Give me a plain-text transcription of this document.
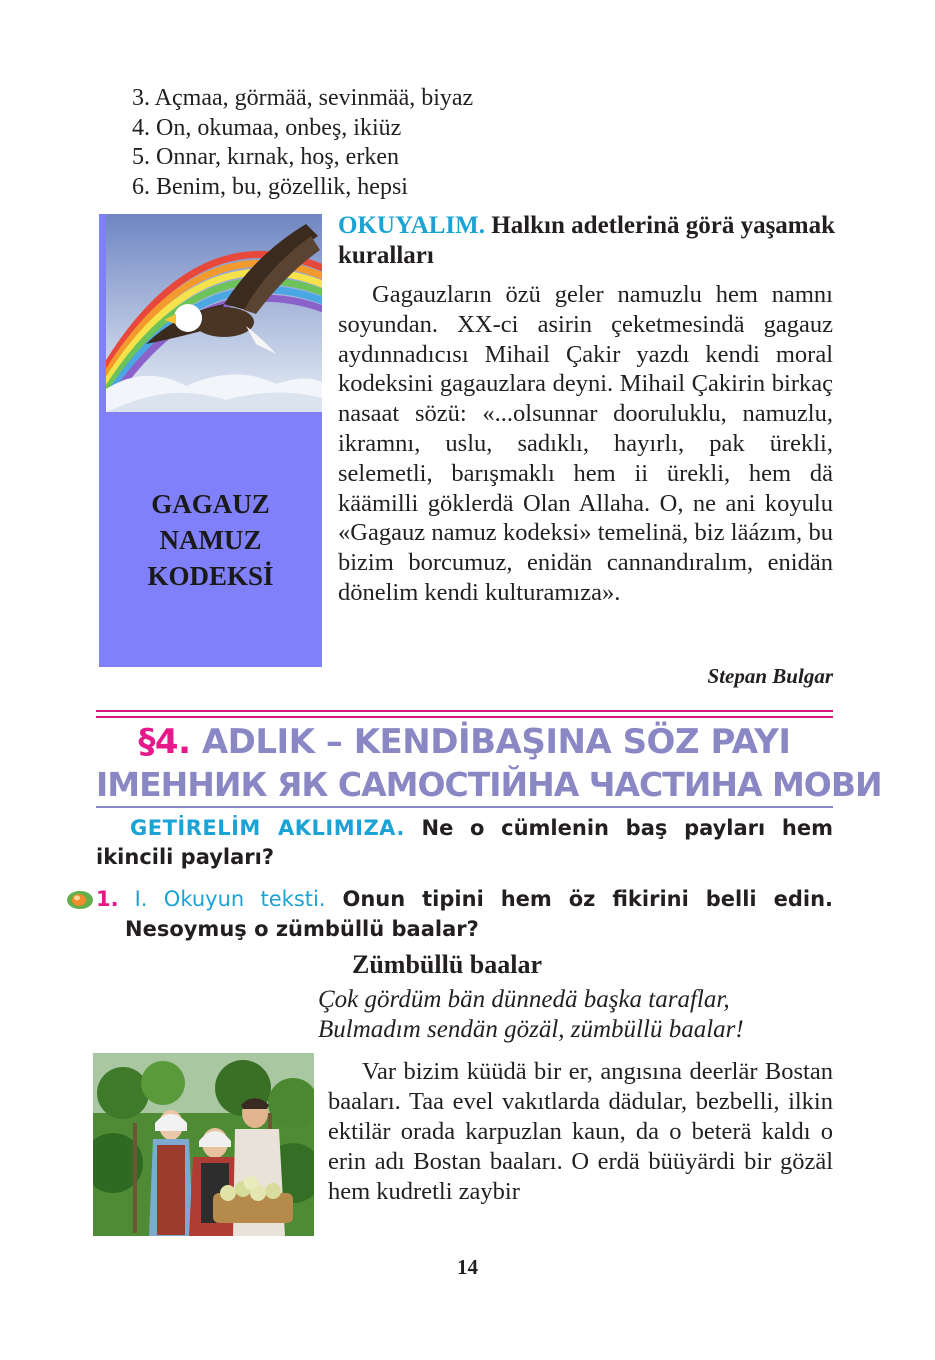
3. Açmaa, görmää, sevinmää, biyaz
4. On, okumaa, onbeş, ikiüz
5. Onnar, kırnak, hoş, erken
6. Benim, bu, gözellik, hepsi
GAGAUZ
NAMUZ
KODEKSİ
OKUYALIM. Halkın adetlerinä görä yaşamak kuralları
Gagauzların özü geler namuzlu hem namnı soyundan. XX-ci asirin çeketmesindä gagauz aydınnadıcısı Mihail Çakir yazdı kendi moral kodeksini gagauzlara deyni. Mihail Çakirin birkaç nasaat sözü: «...olsunnar dooruluklu, namuzlu, ikramnı, uslu, sadıklı, hayırlı, pak ürekli, selemetli, barışmaklı hem ii ürekli, hem dä käämilli göklerdä Olan Allaha. O, ne ani koyulu «Gagauz namuz kodeksi» temelinä, biz läázım, bu bizim borcumuz, enidän cannandıralım, enidän dönelim kendi kulturamıza».
Stepan Bulgar
§4. ADLIK – KENDİBAŞINA SÖZ PAYI
ІМЕННИК ЯК САМОСТІЙНА ЧАСТИНА МОВИ
GETİRELİM AKLIMIZA. Ne o cümlenin baş payları hem ikincili payları?
1. I. Okuyun teksti. Onun tipini hem öz fikirini belli edin.
Nesoymuş o zümbüllü baalar?
Zümbüllü baalar
Çok gördüm bän dünnedä başka taraflar,
Bulmadım sendän gözäl, zümbüllü baalar!
Var bizim küüdä bir er, angısına deerlär Bostan baaları. Taa evel vakıtlarda dädular, bezbelli, ilkin ektilär orada karpuzlan kaun, da o beterä kaldı o erin adı Bostan baaları. O erdä büüyärdi bir gözäl hem kudretli zaybir
14
